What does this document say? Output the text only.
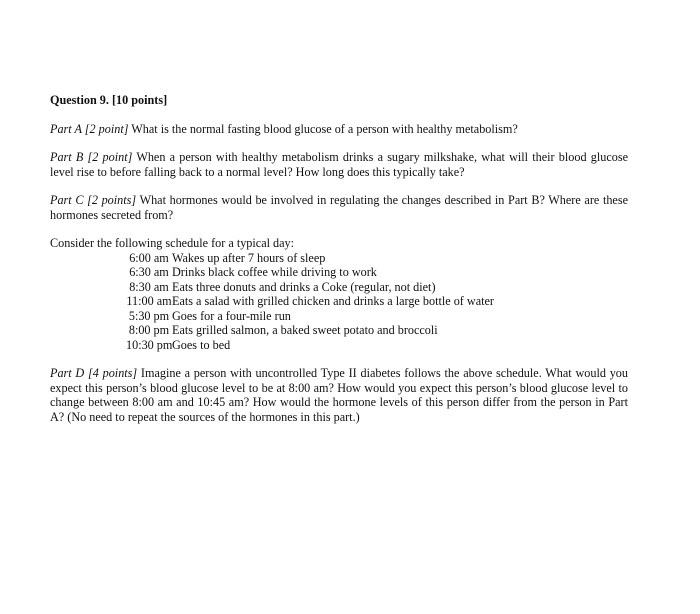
Question 9. [10 points]
Part A [2 point] What is the normal fasting blood glucose of a person with healthy metabolism?
Part B [2 point] When a person with healthy metabolism drinks a sugary milkshake, what will their blood glucose level rise to before falling back to a normal level? How long does this typically take?
Part C [2 points] What hormones would be involved in regulating the changes described in Part B? Where are these hormones secreted from?
Consider the following schedule for a typical day:
6:00 am Wakes up after 7 hours of sleep
6:30 am Drinks black coffee while driving to work
8:30 am Eats three donuts and drinks a Coke (regular, not diet)
11:00 am Eats a salad with grilled chicken and drinks a large bottle of water
5:30 pm Goes for a four-mile run
8:00 pm Eats grilled salmon, a baked sweet potato and broccoli
10:30 pm Goes to bed
Part D [4 points] Imagine a person with uncontrolled Type II diabetes follows the above schedule. What would you expect this person’s blood glucose level to be at 8:00 am? How would you expect this person’s blood glucose level to change between 8:00 am and 10:45 am? How would the hormone levels of this person differ from the person in Part A? (No need to repeat the sources of the hormones in this part.)
